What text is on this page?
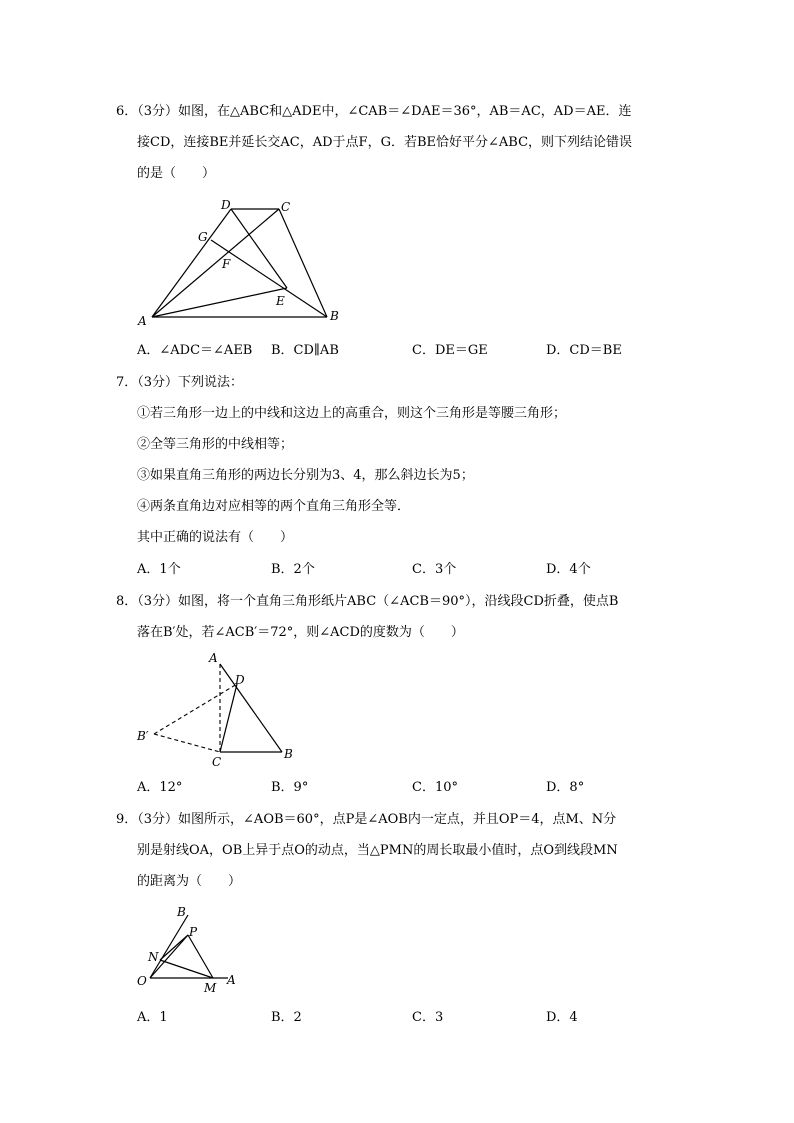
6．（3分）如图，在△ABC和△ADE中，∠CAB＝∠DAE＝36°，AB＝AC，AD＝AE．连
接CD，连接BE并延长交AC，AD于点F，G．若BE恰好平分∠ABC，则下列结论错误
的是（　　）
D	C
G
F
E
A	B
A
D
B′
C
B
B
P
N
O	M
A
A．∠ADC＝∠AEB B．CD∥AB	C．DE＝GE	D．CD＝BE
7．（3分）下列说法：
①若三角形一边上的中线和这边上的高重合，则这个三角形是等腰三角形；
②全等三角形的中线相等；
③如果直角三角形的两边长分别为3、4，那么斜边长为5；
④两条直角边对应相等的两个直角三角形全等．
其中正确的说法有（　　）
A．1个	B．2个	C．3个	D．4个
8．（3分）如图，将一个直角三角形纸片ABC（∠ACB＝90°），沿线段CD折叠，使点B
落在B′处，若∠ACB′＝72°，则∠ACD的度数为（　　）
A．12°	B．9°	C．10°	D．8°
9．（3分）如图所示，∠AOB＝60°，点P是∠AOB内一定点，并且OP＝4，点M、N分
别是射线OA，OB上异于点O的动点，当△PMN的周长取最小值时，点O到线段MN
的距离为（　　）
A．1	B．2	C．3	D．4
